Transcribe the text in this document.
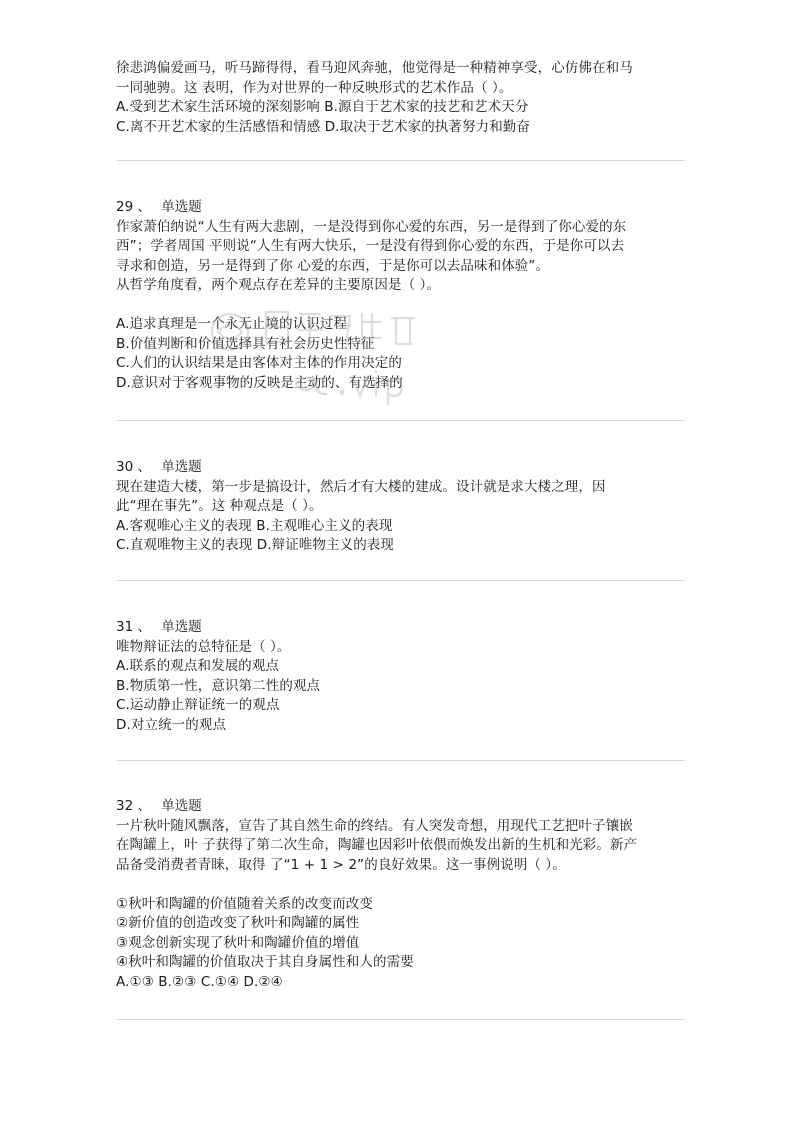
徐悲鸿偏爱画马，听马蹄得得，看马迎风奔驰，他觉得是一种精神享受，心仿佛在和马
一同驰骋。这 表明，作为对世界的一种反映形式的艺术作品（ ）。
A.受到艺术家生活环境的深刻影响 B.源自于艺术家的技艺和艺术天分
C.离不开艺术家的生活感悟和情感 D.取决于艺术家的执著努力和勤奋
29 、 单选题
作家萧伯纳说“人生有两大悲剧，一是没得到你心爱的东西，另一是得到了你心爱的东
西”；学者周国 平则说“人生有两大快乐，一是没有得到你心爱的东西，于是你可以去
寻求和创造，另一是得到了你 心爱的东西，于是你可以去品味和体验”。
从哲学角度看，两个观点存在差异的主要原因是（ ）。
A.追求真理是一个永无止境的认识过程
B.价值判断和价值选择具有社会历史性特征
C.人们的认识结果是由客体对主体的作用决定的
D.意识对于客观事物的反映是主动的、有选择的
30 、 单选题
现在建造大楼，第一步是搞设计，然后才有大楼的建成。设计就是求大楼之理，因
此“理在事先”。这 种观点是（ ）。
A.客观唯心主义的表现 B.主观唯心主义的表现
C.直观唯物主义的表现 D.辩证唯物主义的表现
31 、 单选题
唯物辩证法的总特征是（ ）。
A.联系的观点和发展的观点
B.物质第一性，意识第二性的观点
C.运动静止辩证统一的观点
D.对立统一的观点
32 、 单选题
一片秋叶随风飘落，宣告了其自然生命的终结。有人突发奇想，用现代工艺把叶子镶嵌
在陶罐上，叶 子获得了第二次生命，陶罐也因彩叶依偎而焕发出新的生机和光彩。新产
品备受消费者青睐，取得 了“1 + 1 > 2”的良好效果。这一事例说明（ ）。
①秋叶和陶罐的价值随着关系的改变而改变
②新价值的创造改变了秋叶和陶罐的属性
③观念创新实现了秋叶和陶罐价值的增值
④秋叶和陶罐的价值取决于其自身属性和人的需要
A.①③ B.②③ C.①④ D.②④
